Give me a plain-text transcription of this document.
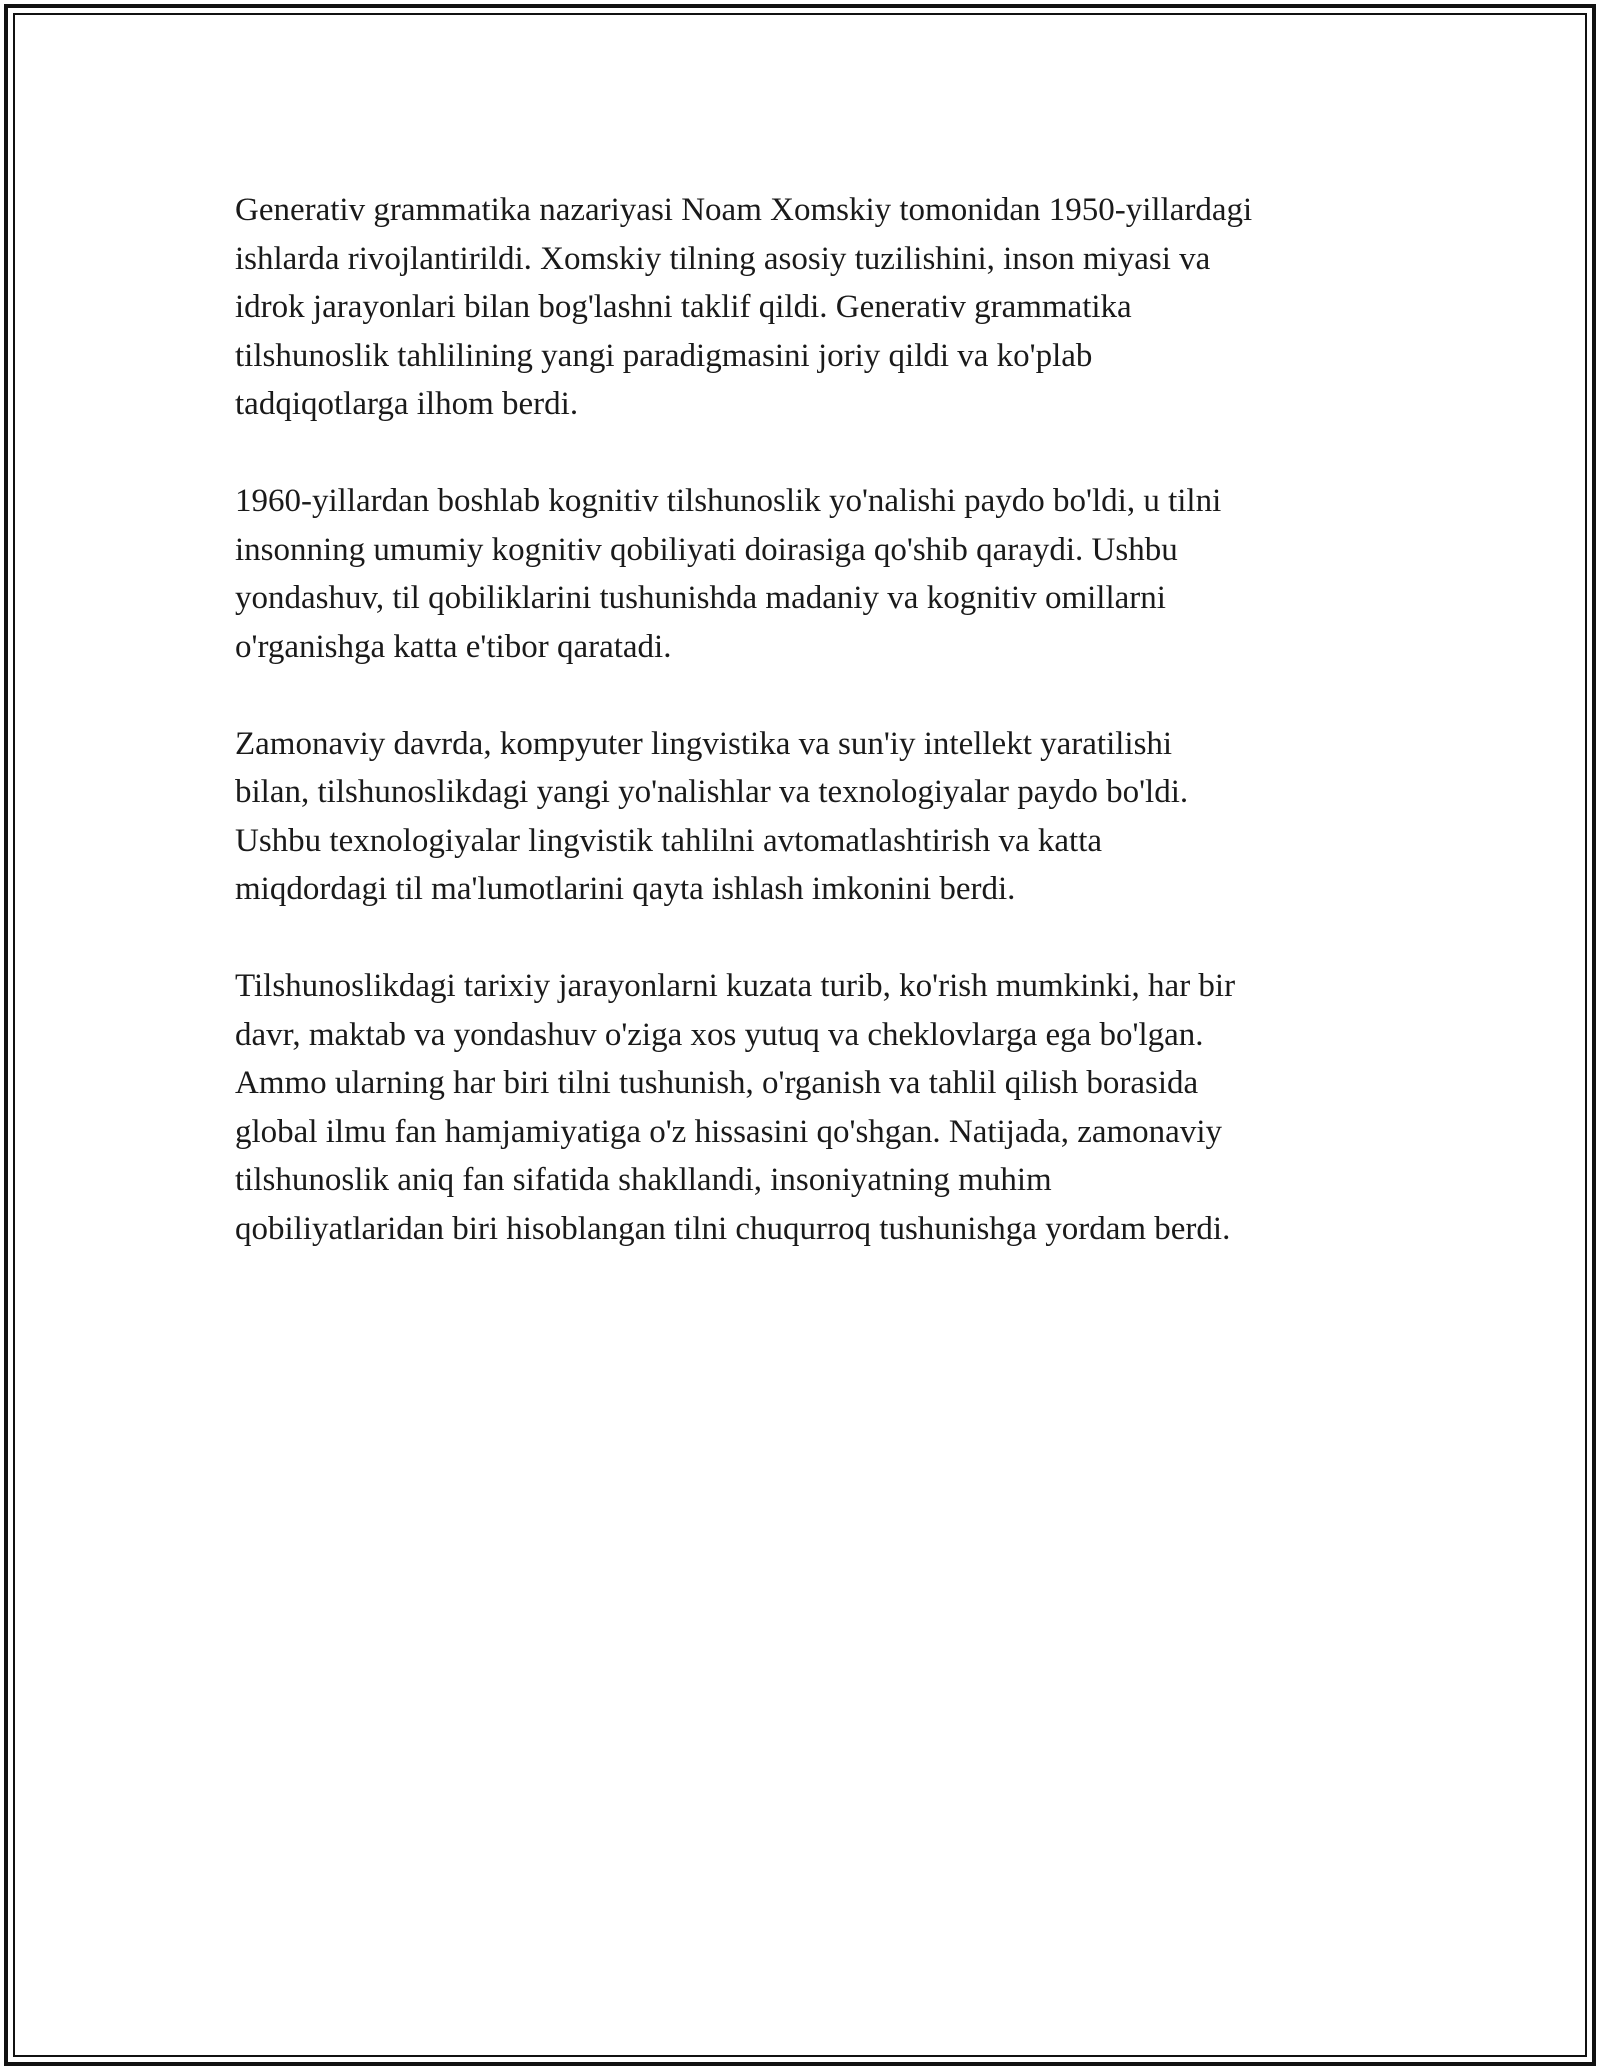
Generativ grammatika nazariyasi Noam Xomskiy tomonidan 1950-yillardagi
ishlarda rivojlantirildi. Xomskiy tilning asosiy tuzilishini, inson miyasi va
idrok jarayonlari bilan bog'lashni taklif qildi. Generativ grammatika
tilshunoslik tahlilining yangi paradigmasini joriy qildi va ko'plab
tadqiqotlarga ilhom berdi.

1960-yillardan boshlab kognitiv tilshunoslik yo'nalishi paydo bo'ldi, u tilni
insonning umumiy kognitiv qobiliyati doirasiga qo'shib qaraydi. Ushbu
yondashuv, til qobiliklarini tushunishda madaniy va kognitiv omillarni
o'rganishga katta e'tibor qaratadi.

Zamonaviy davrda, kompyuter lingvistika va sun'iy intellekt yaratilishi
bilan, tilshunoslikdagi yangi yo'nalishlar va texnologiyalar paydo bo'ldi.
Ushbu texnologiyalar lingvistik tahlilni avtomatlashtirish va katta
miqdordagi til ma'lumotlarini qayta ishlash imkonini berdi.

Tilshunoslikdagi tarixiy jarayonlarni kuzata turib, ko'rish mumkinki, har bir
davr, maktab va yondashuv o'ziga xos yutuq va cheklovlarga ega bo'lgan.
Ammo ularning har biri tilni tushunish, o'rganish va tahlil qilish borasida
global ilmu fan hamjamiyatiga o'z hissasini qo'shgan. Natijada, zamonaviy
tilshunoslik aniq fan sifatida shakllandi, insoniyatning muhim
qobiliyatlaridan biri hisoblangan tilni chuqurroq tushunishga yordam berdi.
